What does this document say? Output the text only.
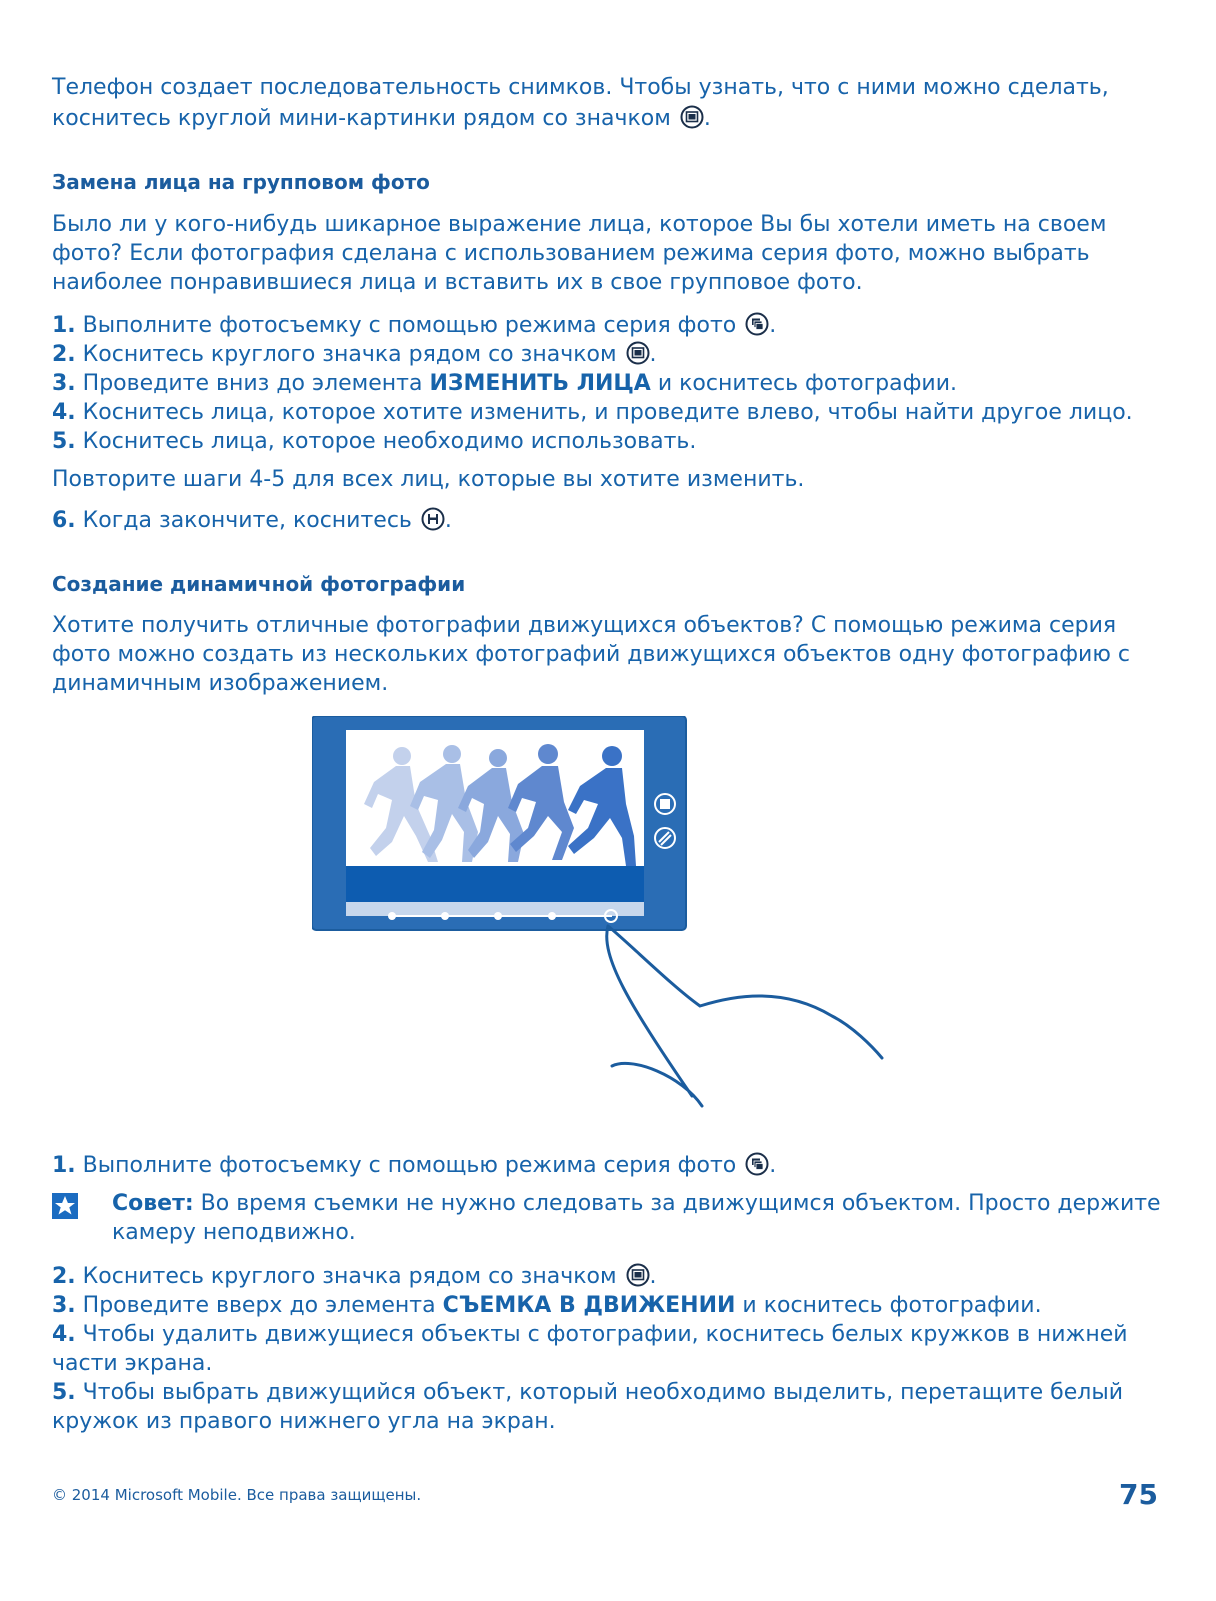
Телефон создает последовательность снимков. Чтобы узнать, что с ними можно сделать,
коснитесь круглой мини-картинки рядом со значком .
Замена лица на групповом фото

Было ли у кого-нибудь шикарное выражение лица, которое Вы бы хотели иметь на своем фото? Если фотография сделана с использованием режима серия фото, можно выбрать наиболее понравившиеся лица и вставить их в свое групповое фото.

1. Выполните фотосъемку с помощью режима серия фото .
2. Коснитесь круглого значка рядом со значком .
3. Проведите вниз до элемента ИЗМЕНИТЬ ЛИЦА и коснитесь фотографии.
4. Коснитесь лица, которое хотите изменить, и проведите влево, чтобы найти другое лицо.
5. Коснитесь лица, которое необходимо использовать.

Повторите шаги 4-5 для всех лиц, которые вы хотите изменить.

6. Когда закончите, коснитесь .
Создание динамичной фотографии

Хотите получить отличные фотографии движущихся объектов? С помощью режима серия фото можно создать из нескольких фотографий движущихся объектов одну фотографию с динамичным изображением.

1. Выполните фотосъемку с помощью режима серия фото .
Совет: Во время съемки не нужно следовать за движущимся объектом. Просто держите камеру неподвижно.
2. Коснитесь круглого значка рядом со значком .
3. Проведите вверх до элемента СЪЕМКА В ДВИЖЕНИИ и коснитесь фотографии.
4. Чтобы удалить движущиеся объекты с фотографии, коснитесь белых кружков в нижней части экрана.
5. Чтобы выбрать движущийся объект, который необходимо выделить, перетащите белый кружок из правого нижнего угла на экран.
© 2014 Microsoft Mobile. Все права защищены.	75
